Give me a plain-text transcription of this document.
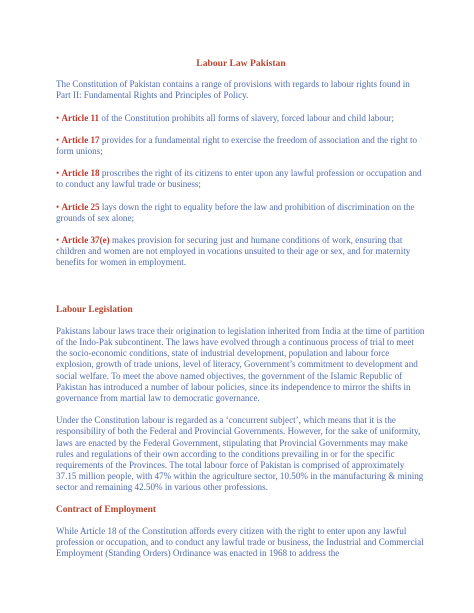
Labour Law Pakistan

The Constitution of Pakistan contains a range of provisions with regards to labour rights found in Part II: Fundamental Rights and Principles of Policy.

• Article 11 of the Constitution prohibits all forms of slavery, forced labour and child labour;

• Article 17 provides for a fundamental right to exercise the freedom of association and the right to form unions;

• Article 18 proscribes the right of its citizens to enter upon any lawful profession or occupation and to conduct any lawful trade or business;

• Article 25 lays down the right to equality before the law and prohibition of discrimination on the grounds of sex alone;

• Article 37(e) makes provision for securing just and humane conditions of work, ensuring that children and women are not employed in vocations unsuited to their age or sex, and for maternity benefits for women in employment.

Labour Legislation

Pakistans labour laws trace their origination to legislation inherited from India at the time of partition of the Indo-Pak subcontinent. The laws have evolved through a continuous process of trial to meet the socio-economic conditions, state of industrial development, population and labour force explosion, growth of trade unions, level of literacy, Government’s commitment to development and social welfare. To meet the above named objectives, the government of the Islamic Republic of Pakistan has introduced a number of labour policies, since its independence to mirror the shifts in governance from martial law to democratic governance.

Under the Constitution labour is regarded as a ‘concurrent subject’, which means that it is the responsibility of both the Federal and Provincial Governments. However, for the sake of uniformity, laws are enacted by the Federal Government, stipulating that Provincial Governments may make rules and regulations of their own according to the conditions prevailing in or for the specific requirements of the Provinces. The total labour force of Pakistan is comprised of approximately 37.15 million people, with 47% within the agriculture sector, 10.50% in the manufacturing & mining sector and remaining 42.50% in various other professions.

Contract of Employment

While Article 18 of the Constitution affords every citizen with the right to enter upon any lawful profession or occupation, and to conduct any lawful trade or business, the Industrial and Commercial Employment (Standing Orders) Ordinance was enacted in 1968 to address the
